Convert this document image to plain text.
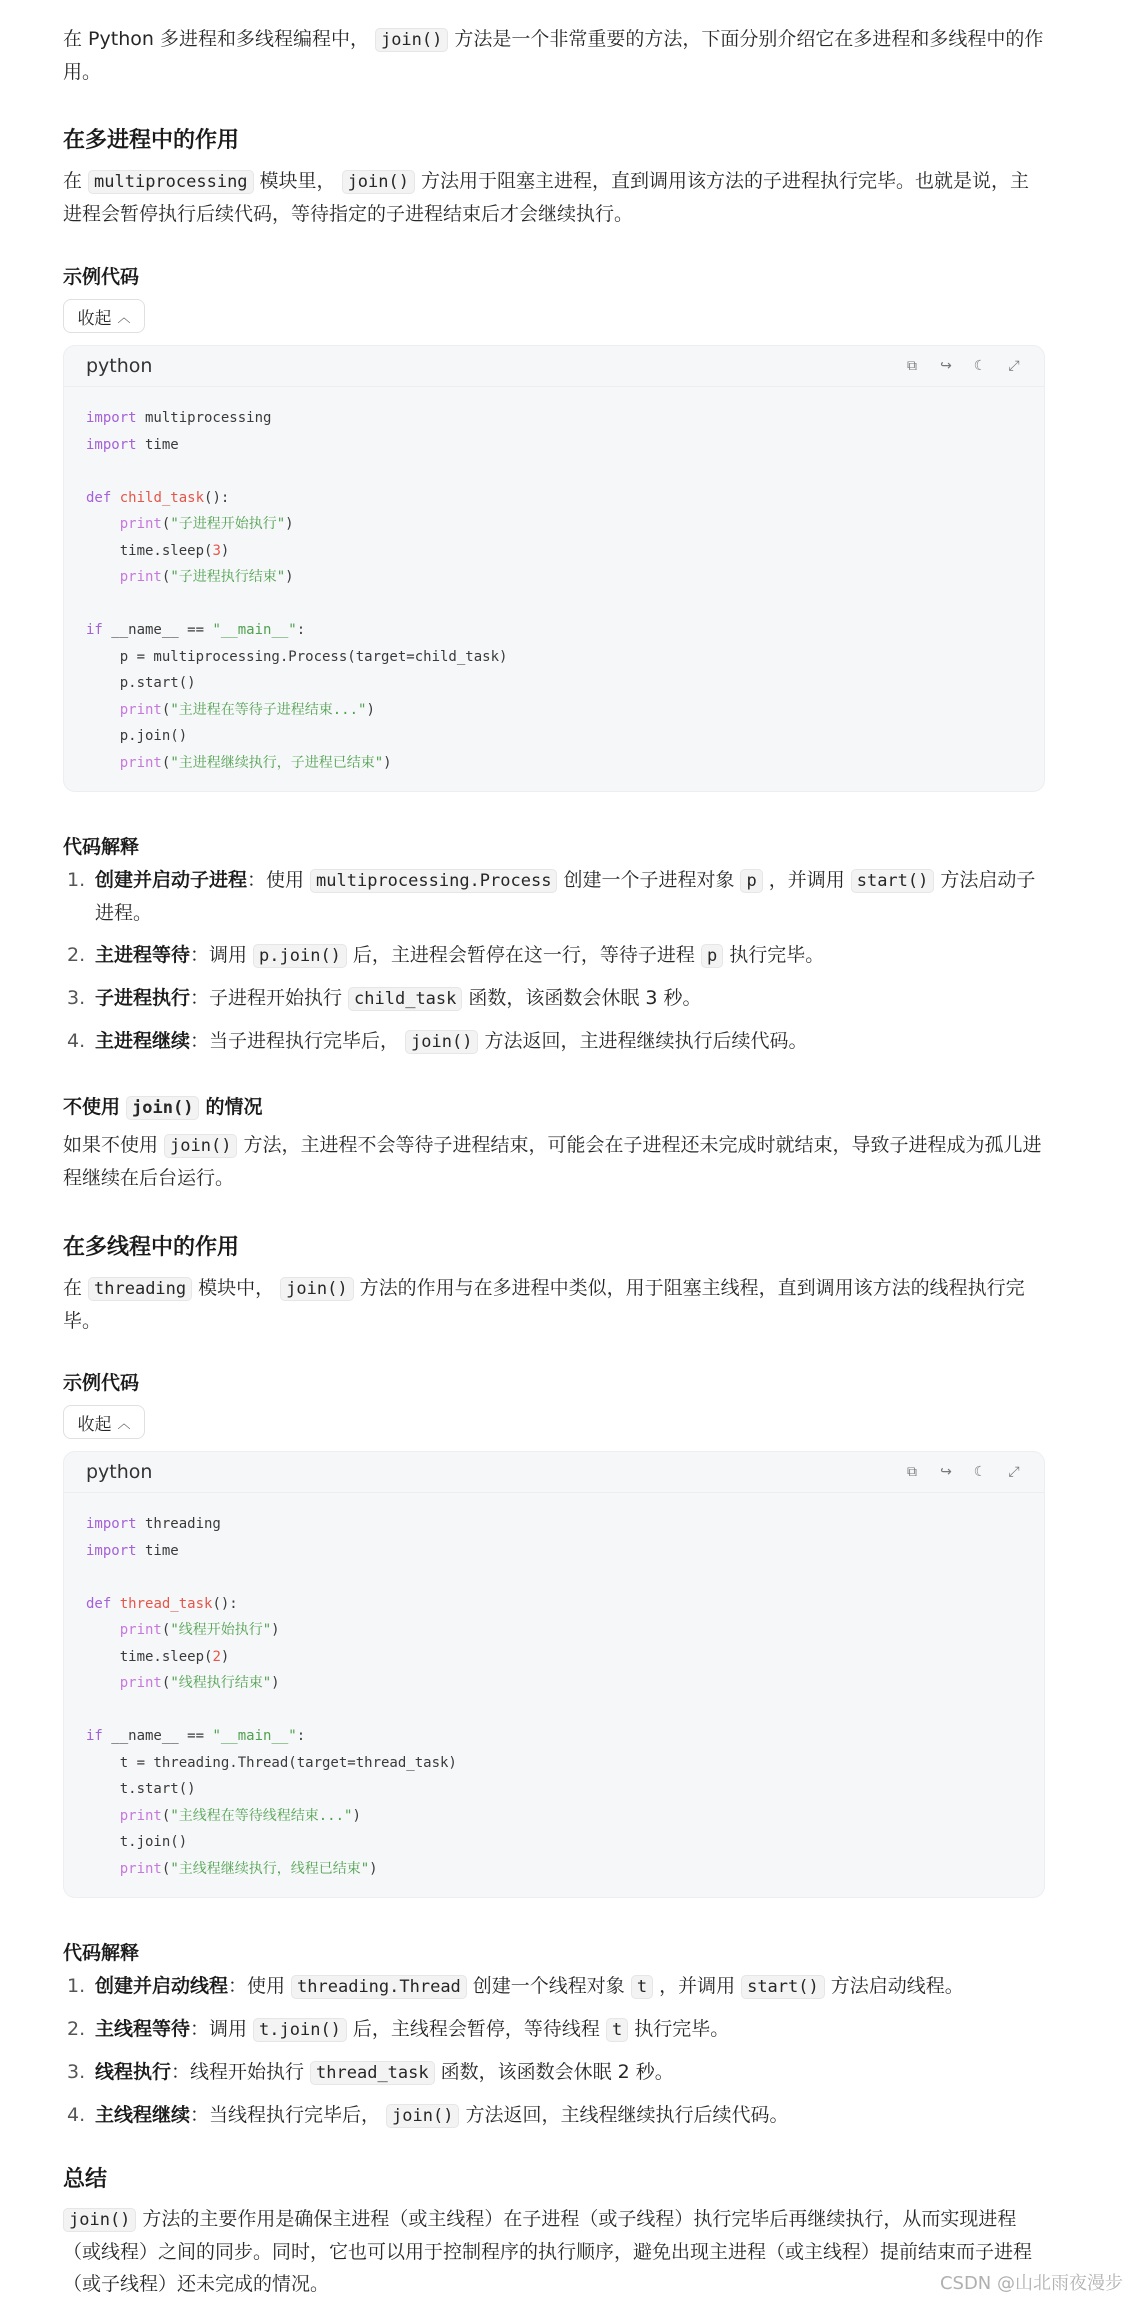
在 Python 多进程和多线程编程中， join() 方法是一个非常重要的方法，下面分别介绍它在多进程和多线程中的作用。

在多进程中的作用

在 multiprocessing 模块里， join() 方法用于阻塞主进程，直到调用该方法的子进程执行完毕。也就是说，主进程会暂停执行后续代码，等待指定的子进程结束后才会继续执行。

示例代码
收起 ︿
python	⧉ ↪ ☾ ⤢
import multiprocessing
import time

def child_task():
print("子进程开始执行")
time.sleep(3)
print("子进程执行结束")

if __name__ == "__main__":
p = multiprocessing.Process(target=child_task)
p.start()
print("主进程在等待子进程结束...")
p.join()
print("主进程继续执行，子进程已结束")
代码解释
1. 创建并启动子进程：使用 multiprocessing.Process 创建一个子进程对象 p ，并调用 start() 方法启动子进程。
2. 主进程等待：调用 p.join() 后，主进程会暂停在这一行，等待子进程 p 执行完毕。
3. 子进程执行：子进程开始执行 child_task 函数，该函数会休眠 3 秒。
4. 主进程继续：当子进程执行完毕后， join() 方法返回，主进程继续执行后续代码。
不使用 join() 的情况

如果不使用 join() 方法，主进程不会等待子进程结束，可能会在子进程还未完成时就结束，导致子进程成为孤儿进程继续在后台运行。

在多线程中的作用

在 threading 模块中， join() 方法的作用与在多进程中类似，用于阻塞主线程，直到调用该方法的线程执行完毕。

示例代码
收起 ︿
python	⧉ ↪ ☾ ⤢
import threading
import time

def thread_task():
print("线程开始执行")
time.sleep(2)
print("线程执行结束")

if __name__ == "__main__":
t = threading.Thread(target=thread_task)
t.start()
print("主线程在等待线程结束...")
t.join()
print("主线程继续执行，线程已结束")
代码解释
1. 创建并启动线程：使用 threading.Thread 创建一个线程对象 t ，并调用 start() 方法启动线程。
2. 主线程等待：调用 t.join() 后，主线程会暂停，等待线程 t 执行完毕。
3. 线程执行：线程开始执行 thread_task 函数，该函数会休眠 2 秒。
4. 主线程继续：当线程执行完毕后， join() 方法返回，主线程继续执行后续代码。
总结

join() 方法的主要作用是确保主进程（或主线程）在子进程（或子线程）执行完毕后再继续执行，从而实现进程（或线程）之间的同步。同时，它也可以用于控制程序的执行顺序，避免出现主进程（或主线程）提前结束而子进程（或子线程）还未完成的情况。	CSDN @山北雨夜漫步
